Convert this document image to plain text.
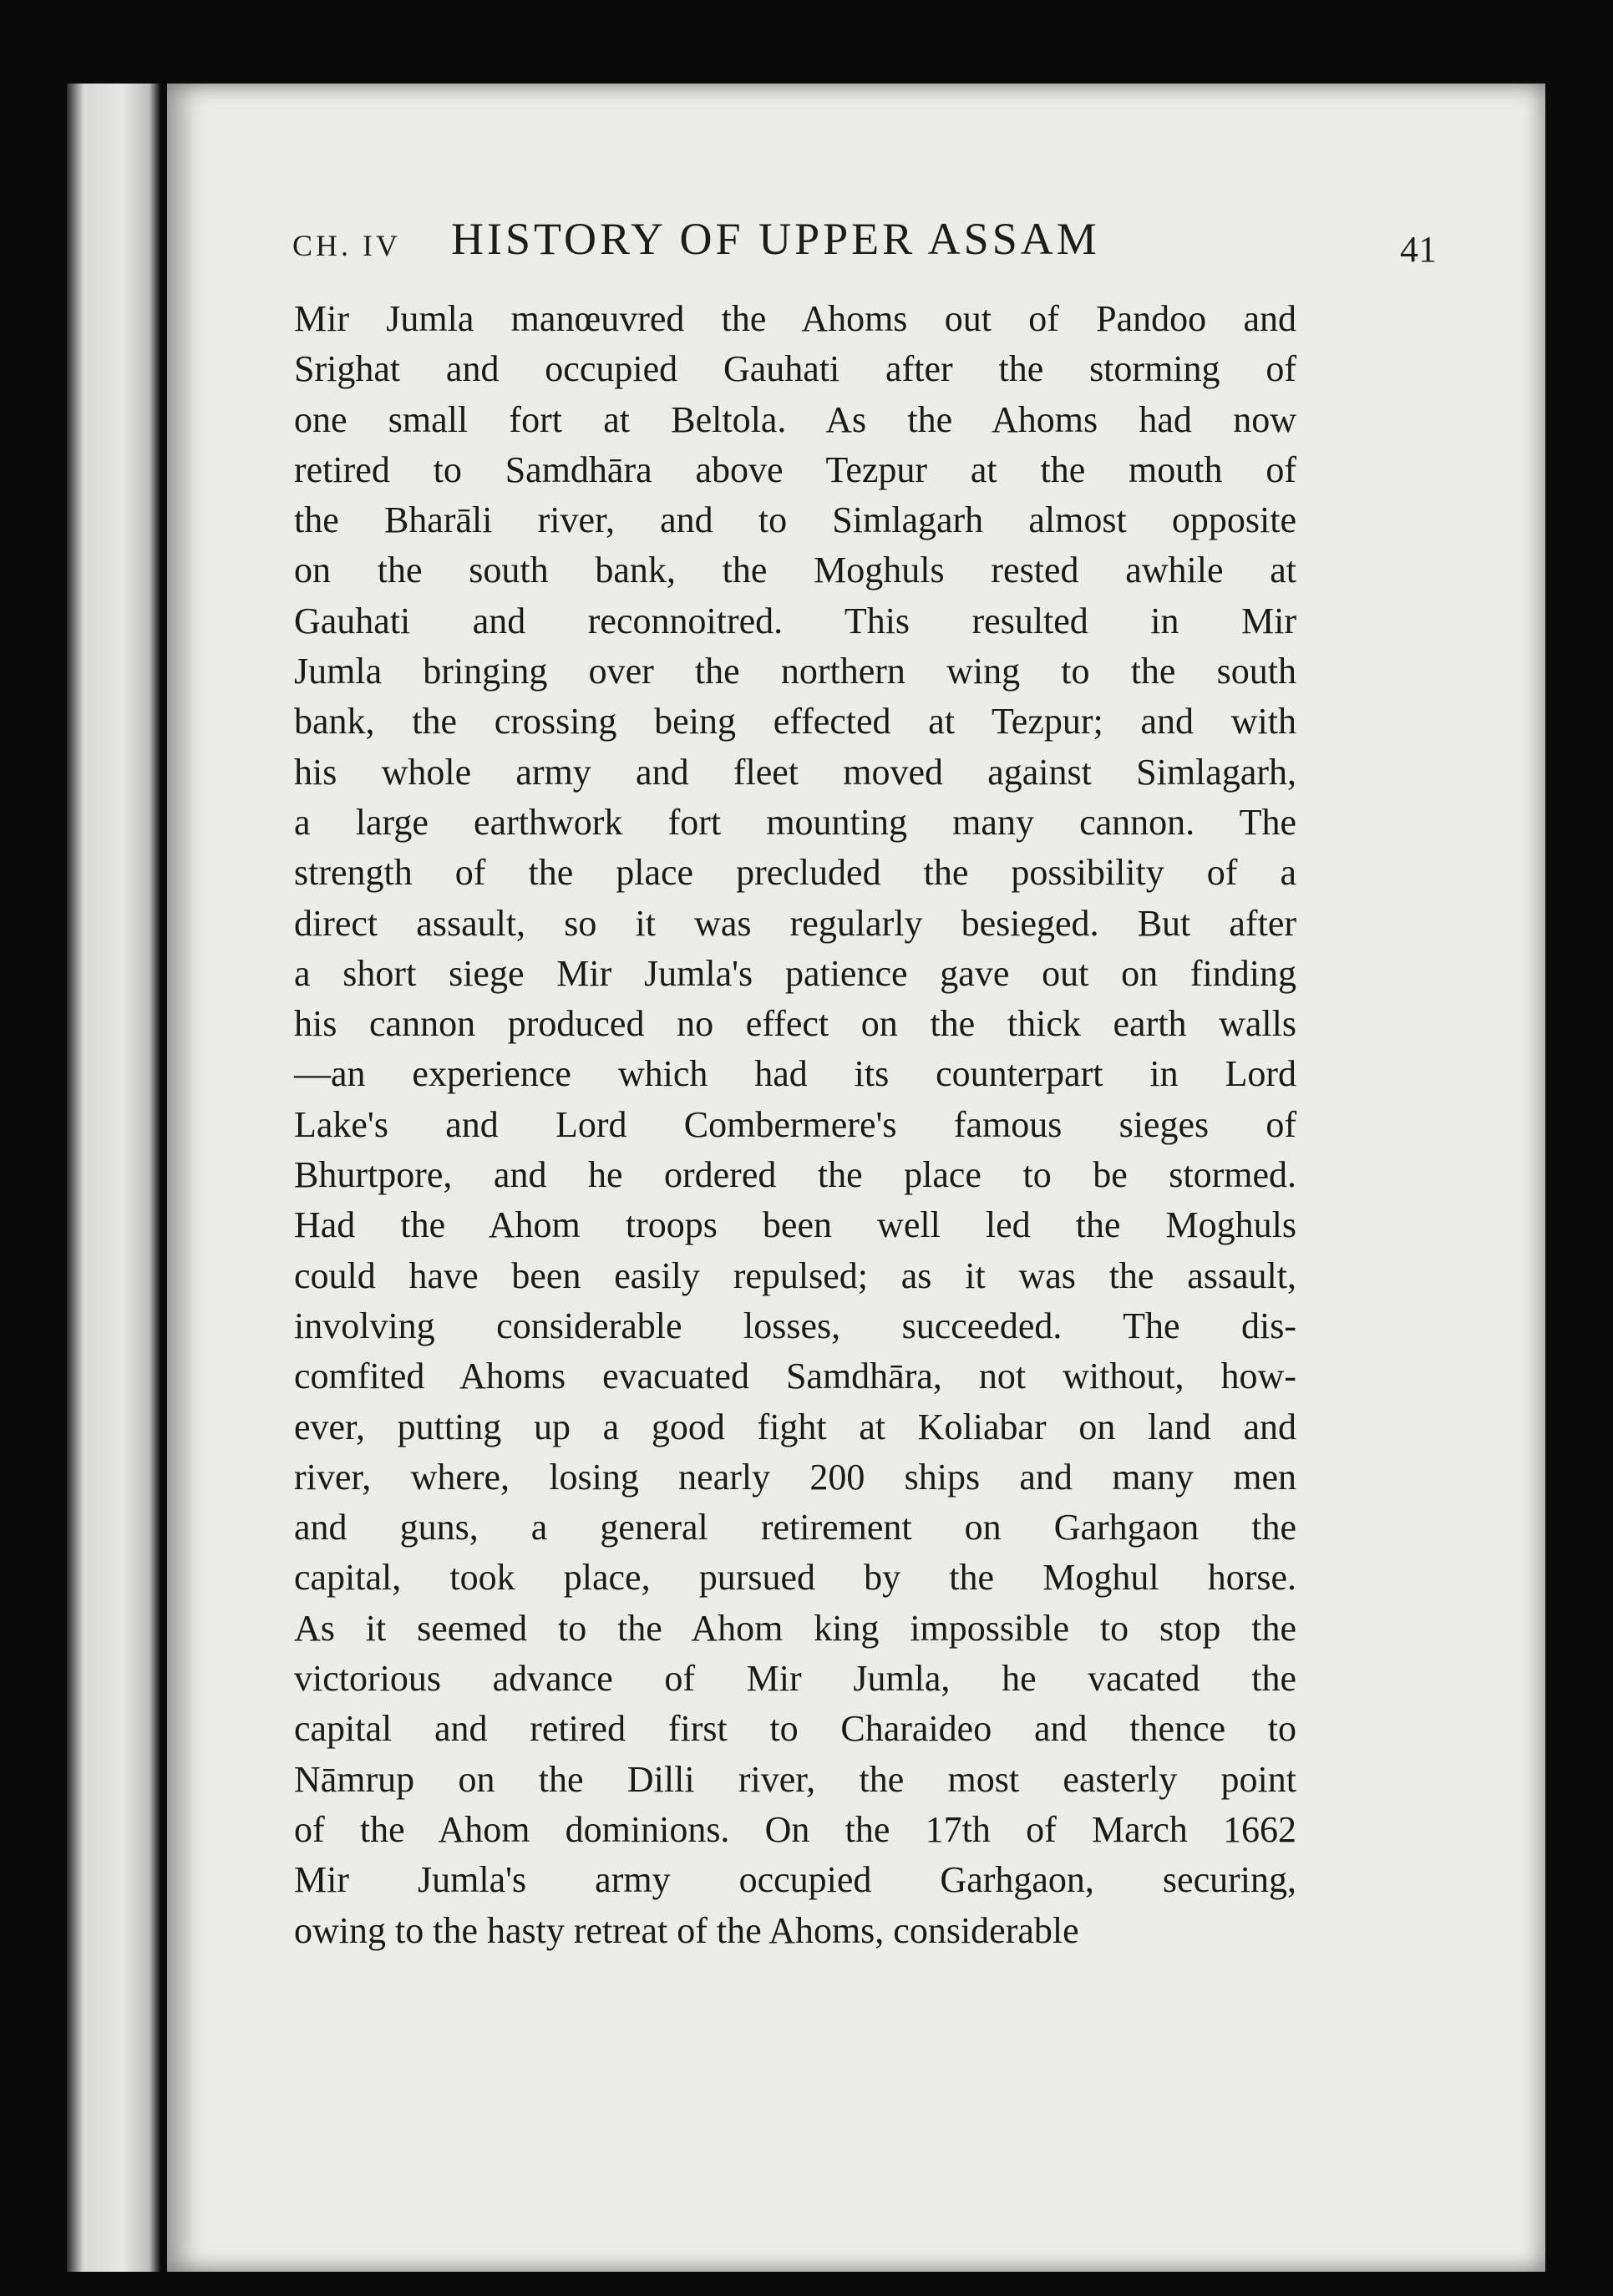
CH. IV HISTORY OF UPPER ASSAM	41
Mir Jumla manœuvred the Ahoms out of Pandoo and
Srighat and occupied Gauhati after the storming of
one small fort at Beltola. As the Ahoms had now
retired to Samdhāra above Tezpur at the mouth of
the Bharāli river, and to Simlagarh almost opposite
on the south bank, the Moghuls rested awhile at
Gauhati and reconnoitred. This resulted in Mir
Jumla bringing over the northern wing to the south
bank, the crossing being effected at Tezpur; and with
his whole army and fleet moved against Simlagarh,
a large earthwork fort mounting many cannon. The
strength of the place precluded the possibility of a
direct assault, so it was regularly besieged. But after
a short siege Mir Jumla's patience gave out on finding
his cannon produced no effect on the thick earth walls
—an experience which had its counterpart in Lord
Lake's and Lord Combermere's famous sieges of
Bhurtpore, and he ordered the place to be stormed.
Had the Ahom troops been well led the Moghuls
could have been easily repulsed; as it was the assault,
involving considerable losses, succeeded. The dis-
comfited Ahoms evacuated Samdhāra, not without, how-
ever, putting up a good fight at Koliabar on land and
river, where, losing nearly 200 ships and many men
and guns, a general retirement on Garhgaon the
capital, took place, pursued by the Moghul horse.
As it seemed to the Ahom king impossible to stop the
victorious advance of Mir Jumla, he vacated the
capital and retired first to Charaideo and thence to
Nāmrup on the Dilli river, the most easterly point
of the Ahom dominions. On the 17th of March 1662
Mir Jumla's army occupied Garhgaon, securing,
owing to the hasty retreat of the Ahoms, considerable
